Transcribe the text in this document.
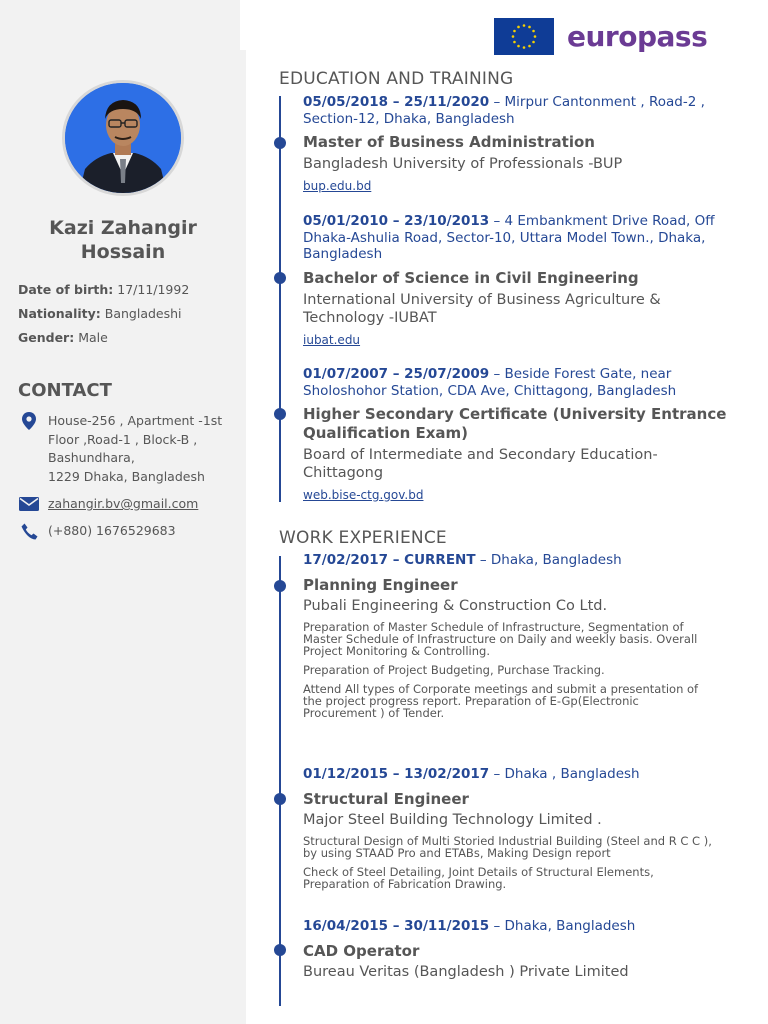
Kazi Zahangir
Hossain
Date of birth: 17/11/1992
Nationality: Bangladeshi
Gender: Male
CONTACT
House-256 , Apartment -1st
Floor ,Road-1 , Block-B ,
Bashundhara,
1229 Dhaka, Bangladesh
zahangir.bv@gmail.com
(+880) 1676529683
europass
EDUCATION AND TRAINING
05/05/2018 – 25/11/2020 – Mirpur Cantonment , Road-2 ,
Section-12, Dhaka, Bangladesh
Master of Business Administration
Bangladesh University of Professionals -BUP
bup.edu.bd
05/01/2010 – 23/10/2013 – 4 Embankment Drive Road, Off
Dhaka-Ashulia Road, Sector-10, Uttara Model Town., Dhaka,
Bangladesh
Bachelor of Science in Civil Engineering
International University of Business Agriculture &
Technology -IUBAT
iubat.edu
01/07/2007 – 25/07/2009 – Beside Forest Gate, near
Sholoshohor Station, CDA Ave, Chittagong, Bangladesh
Higher Secondary Certificate (University Entrance
Qualification Exam)
Board of Intermediate and Secondary Education-
Chittagong
web.bise-ctg.gov.bd
WORK EXPERIENCE
17/02/2017 – CURRENT – Dhaka, Bangladesh
Planning Engineer
Pubali Engineering & Construction Co Ltd.
Preparation of Master Schedule of Infrastructure, Segmentation of
Master Schedule of Infrastructure on Daily and weekly basis. Overall
Project Monitoring & Controlling.
Preparation of Project Budgeting, Purchase Tracking.
Attend All types of Corporate meetings and submit a presentation of
the project progress report. Preparation of E-Gp(Electronic
Procurement ) of Tender.
01/12/2015 – 13/02/2017 – Dhaka , Bangladesh
Structural Engineer
Major Steel Building Technology Limited .
Structural Design of Multi Storied Industrial Building (Steel and R C C ),
by using STAAD Pro and ETABs, Making Design report
Check of Steel Detailing, Joint Details of Structural Elements,
Preparation of Fabrication Drawing.
16/04/2015 – 30/11/2015 – Dhaka, Bangladesh
CAD Operator
Bureau Veritas (Bangladesh ) Private Limited
